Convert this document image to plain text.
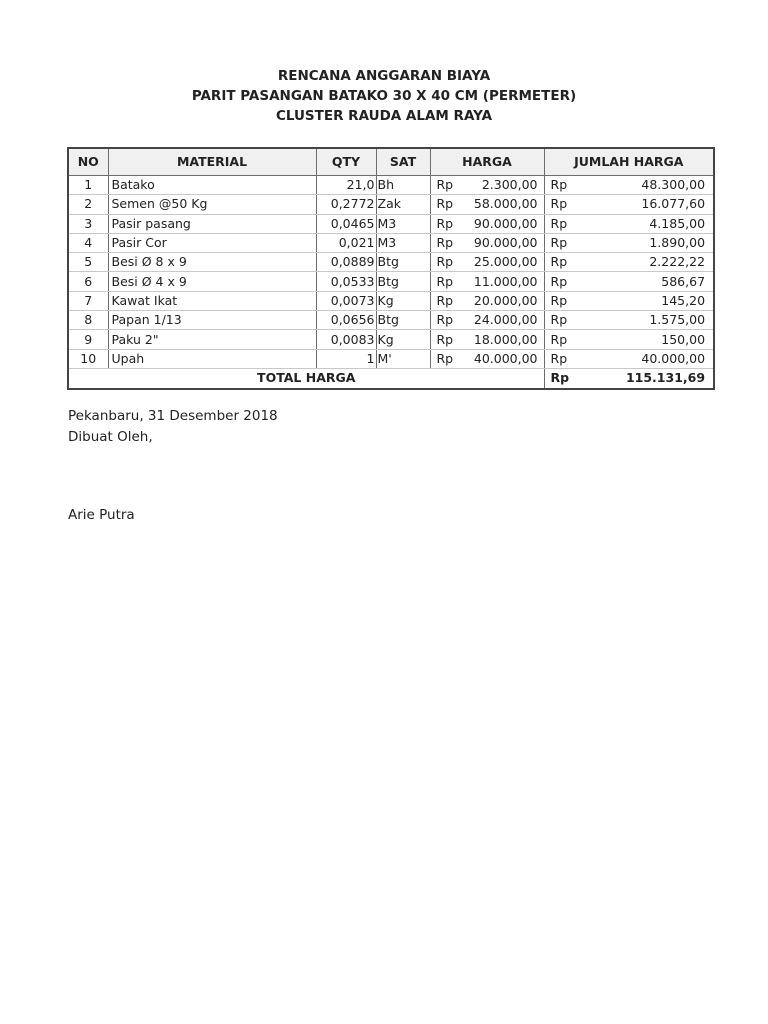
RENCANA ANGGARAN BIAYA
PARIT PASANGAN BATAKO 30 X 40 CM (PERMETER)
CLUSTER RAUDA ALAM RAYA
NO	MATERIAL	QTY	SAT	HARGA		JUMLAH HARGA	
1	Batako	21,0	Bh	Rp	2.300,00	Rp	48.300,00
2	Semen @50 Kg	0,2772	Zak	Rp	58.000,00	Rp	16.077,60
3	Pasir pasang	0,0465	M3	Rp	90.000,00	Rp	4.185,00
4	Pasir Cor	0,021	M3	Rp	90.000,00	Rp	1.890,00
5	Besi Ø 8 x 9	0,0889	Btg	Rp	25.000,00	Rp	2.222,22
6	Besi Ø 4 x 9	0,0533	Btg	Rp	11.000,00	Rp	586,67
7	Kawat Ikat	0,0073	Kg	Rp	20.000,00	Rp	145,20
8	Papan 1/13	0,0656	Btg	Rp	24.000,00	Rp	1.575,00
9	Paku 2"	0,0083	Kg	Rp	18.000,00	Rp	150,00
10	Upah	1	M'	Rp	40.000,00	Rp	40.000,00
TOTAL HARGA						Rp	115.131,69
Pekanbaru, 31 Desember 2018
Dibuat Oleh,
Arie Putra
